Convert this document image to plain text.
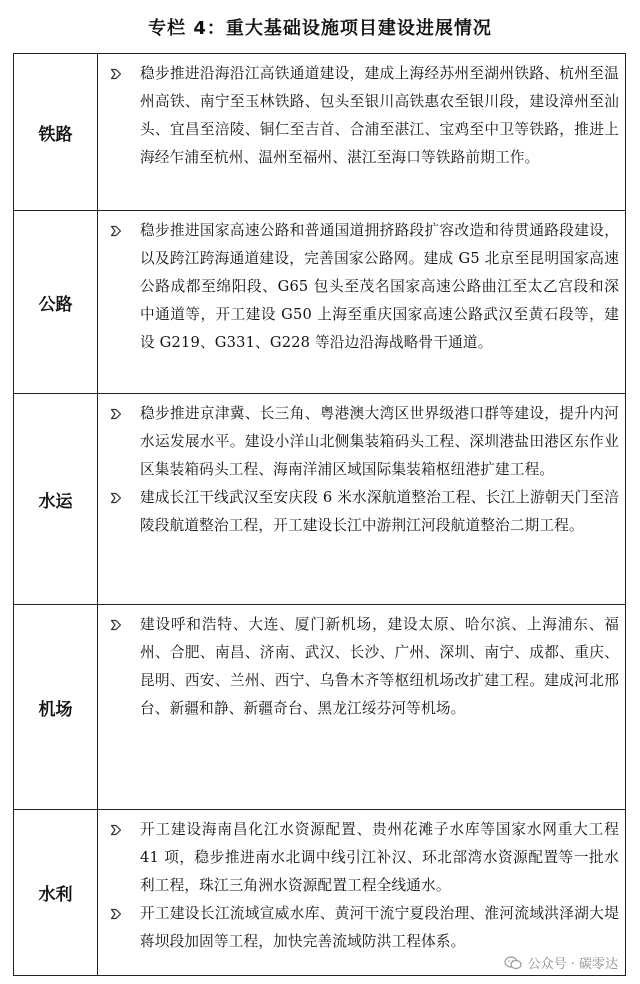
专栏 4：重大基础设施项目建设进展情况
铁路
稳步推进沿海沿江高铁通道建设，建成上海经苏州至湖州铁路、杭州至温州高铁、南宁至玉林铁路、包头至银川高铁惠农至银川段，建设漳州至汕头、宜昌至涪陵、铜仁至吉首、合浦至湛江、宝鸡至中卫等铁路，推进上海经乍浦至杭州、温州至福州、湛江至海口等铁路前期工作。
公路
稳步推进国家高速公路和普通国道拥挤路段扩容改造和待贯通路段建设，以及跨江跨海通道建设，完善国家公路网。建成 G5 北京至昆明国家高速公路成都至绵阳段、G65 包头至茂名国家高速公路曲江至太乙宫段和深中通道等，开工建设 G50 上海至重庆国家高速公路武汉至黄石段等，建设 G219、G331、G228 等沿边沿海战略骨干通道。
水运
稳步推进京津冀、长三角、粤港澳大湾区世界级港口群等建设，提升内河水运发展水平。建设小洋山北侧集装箱码头工程、深圳港盐田港区东作业区集装箱码头工程、海南洋浦区域国际集装箱枢纽港扩建工程。
建成长江干线武汉至安庆段 6 米水深航道整治工程、长江上游朝天门至涪陵段航道整治工程，开工建设长江中游荆江河段航道整治二期工程。
机场
建设呼和浩特、大连、厦门新机场，建设太原、哈尔滨、上海浦东、福州、合肥、南昌、济南、武汉、长沙、广州、深圳、南宁、成都、重庆、昆明、西安、兰州、西宁、乌鲁木齐等枢纽机场改扩建工程。建成河北邢台、新疆和静、新疆奇台、黑龙江绥芬河等机场。
水利
开工建设海南昌化江水资源配置、贵州花滩子水库等国家水网重大工程 41 项，稳步推进南水北调中线引江补汉、环北部湾水资源配置等一批水利工程，珠江三角洲水资源配置工程全线通水。
开工建设长江流域宣威水库、黄河干流宁夏段治理、淮河流域洪泽湖大堤蒋坝段加固等工程，加快完善流域防洪工程体系。
公众号 · 碳零达
